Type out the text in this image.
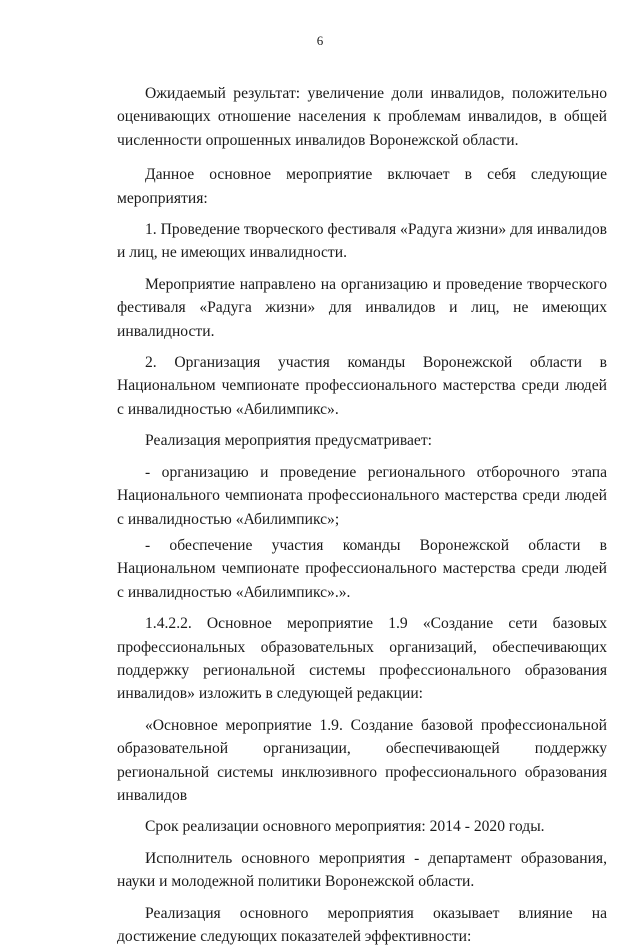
6

Ожидаемый результат: увеличение доли инвалидов, положительно оценивающих отношение населения к проблемам инвалидов, в общей численности опрошенных инвалидов Воронежской области.

Данное основное мероприятие включает в себя следующие мероприятия:

1. Проведение творческого фестиваля «Радуга жизни» для инвалидов и лиц, не имеющих инвалидности.

Мероприятие направлено на организацию и проведение творческого фестиваля «Радуга жизни» для инвалидов и лиц, не имеющих инвалидности.

2. Организация участия команды Воронежской области в Национальном чемпионате профессионального мастерства среди людей с инвалидностью «Абилимпикс».

Реализация мероприятия предусматривает:

- организацию и проведение регионального отборочного этапа Национального чемпионата профессионального мастерства среди людей с инвалидностью «Абилимпикс»;

- обеспечение участия команды Воронежской области в Национальном чемпионате профессионального мастерства среди людей с инвалидностью «Абилимпикс».».

1.4.2.2. Основное мероприятие 1.9 «Создание сети базовых профессиональных образовательных организаций, обеспечивающих поддержку региональной системы профессионального образования инвалидов» изложить в следующей редакции:

«Основное мероприятие 1.9. Создание базовой профессиональной образовательной организации, обеспечивающей поддержку региональной системы инклюзивного профессионального образования инвалидов

Срок реализации основного мероприятия: 2014 - 2020 годы.

Исполнитель основного мероприятия - департамент образования, науки и молодежной политики Воронежской области.

Реализация основного мероприятия оказывает влияние на достижение следующих показателей эффективности:
